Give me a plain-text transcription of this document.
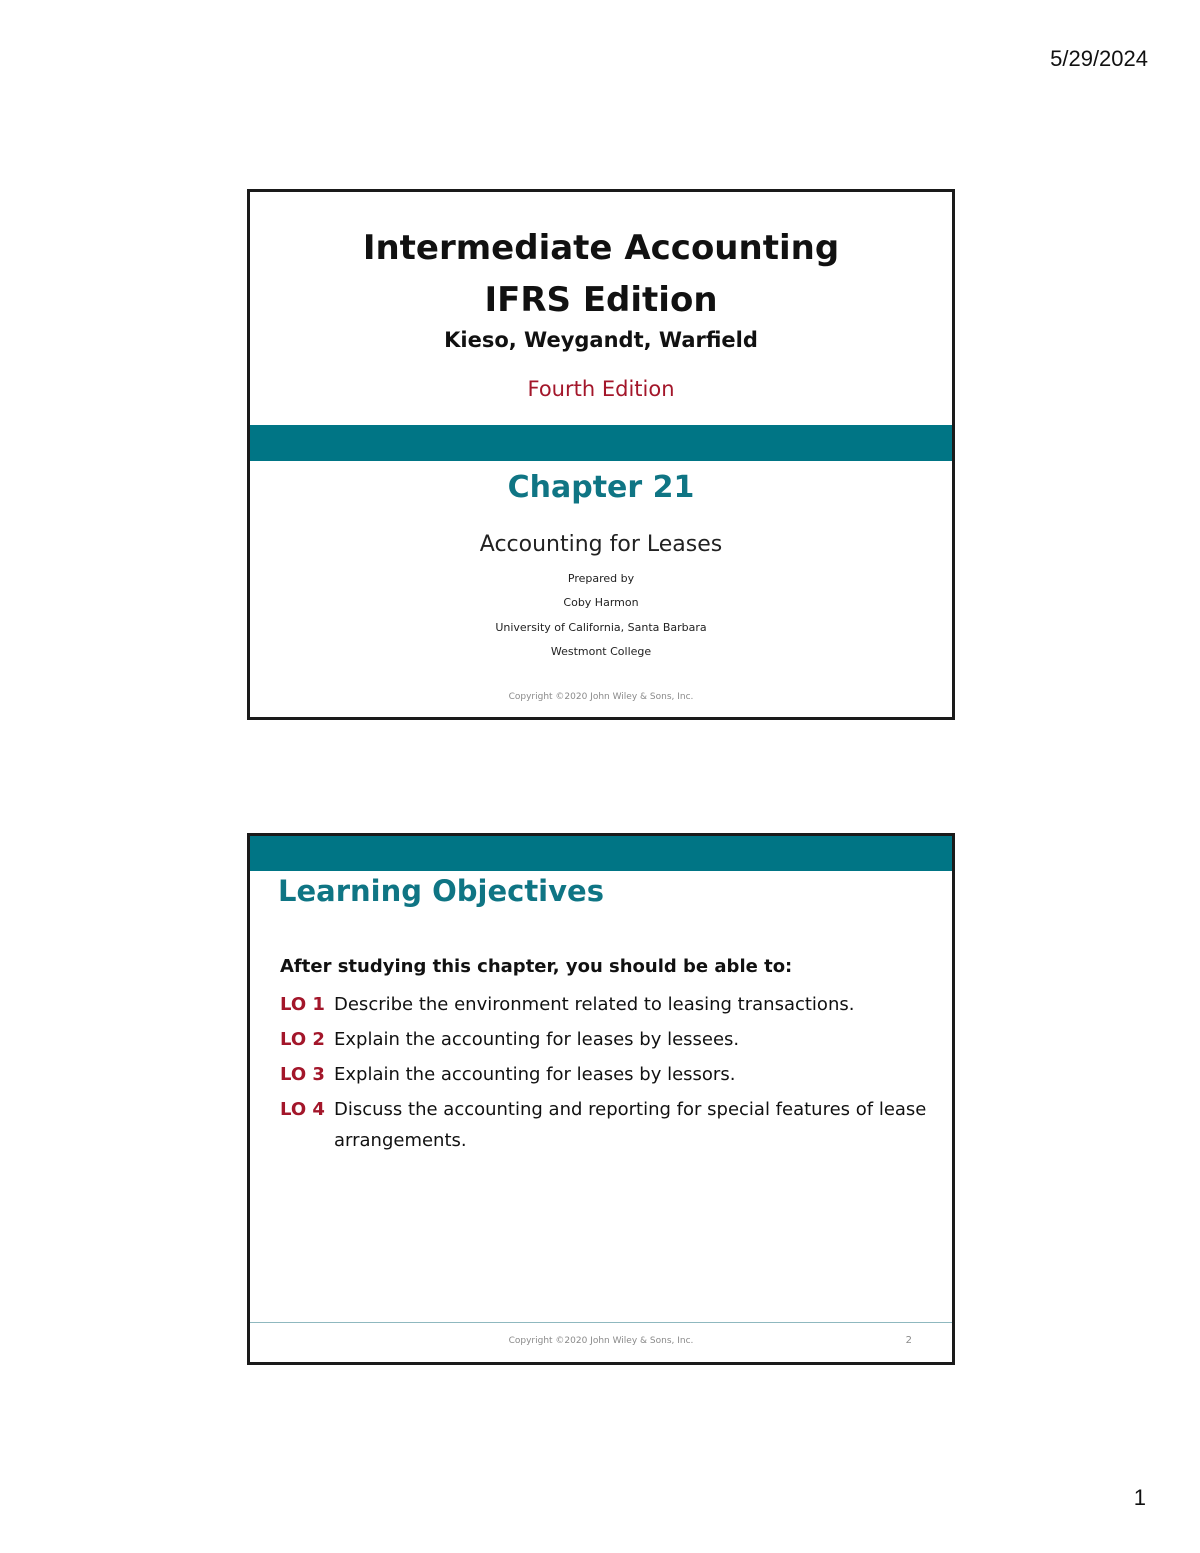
5/29/2024
Intermediate Accounting
IFRS Edition
Kieso, Weygandt, Warfield
Fourth Edition
Chapter 21
Accounting for Leases
Prepared by
Coby Harmon
University of California, Santa Barbara
Westmont College
Copyright ©2020 John Wiley & Sons, Inc.
Learning Objectives
After studying this chapter, you should be able to:
LO 1 Describe the environment related to leasing transactions.
LO 2 Explain the accounting for leases by lessees.
LO 3 Explain the accounting for leases by lessors.
LO 4 Discuss the accounting and reporting for special features of lease arrangements.
Copyright ©2020 John Wiley & Sons, Inc.	2
1
